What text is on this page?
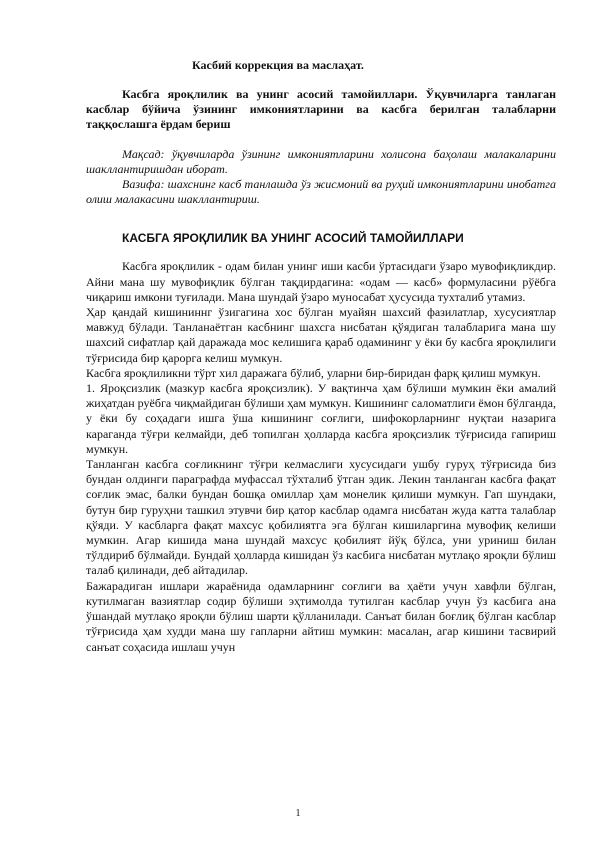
Касбий коррекция ва маслаҳат.

Касбга яроқлилик ва унинг асосий тамойиллари. Ўқувчиларга танлаган касблар бўйича ўзининг имкониятларини ва касбга берилган талабларни таққослашга ёрдам бериш

Мақсад: ўқувчиларда ўзининг имкониятларини холисона баҳолаш малакаларини шакллантиришдан иборат.

Вазифа: шахснинг касб танлашда ўз жисмоний ва руҳий имкониятларини инобатга олиш малакасини шакллантириш.

КАСБГА ЯРОҚЛИЛИК ВА УНИНГ АСОСИЙ ТАМОЙИЛЛАРИ

Касбга яроқлилик - одам билан унинг иши касби ўртасидаги ўзаро мувофиқликдир. Айни мана шу мувофиқлик бўлган тақдирдагина: «одам — касб» формуласини рўёбга чиқариш имкони туғилади. Мана шундай ўзаро муносабат ҳусусида тухталиб утамиз.

Ҳар қандай кишининнг ўзигагина хос бўлган муайян шахсий фазилатлар, хусусиятлар мавжуд бўлади. Танланаётган касбнинг шахсга нисбатан қўядиган талабларига мана шу шахсий сифатлар қай даражада мос келишига қараб одамининг у ёки бу касбга яроқлилиги тўғрисида бир қарорга келиш мумкун.

Касбга яроқлиликни тўрт хил даражага бўлиб, уларни бир-биридан фарқ қилиш мумкун.

1. Яроқсизлик (мазкур касбга яроқсизлик). У вақтинча ҳам бўлиши мумкин ёки амалий жиҳатдан руёбга чиқмайдиган бўлиши ҳам мумкун. Кишининг саломатлиги ёмон бўлганда, у ёки бу соҳадаги ишга ўша кишининг соғлиги, шифокорларнинг нуқтаи назарига караганда тўғри келмайди, деб топилган ҳолларда касбга яроқсизлик тўғрисида гапириш мумкун.

Танланган касбга соғликнинг тўғри келмаслиги хусусидаги ушбу гуруҳ тўғрисида биз бундан олдинги параграфда муфассал тўхталиб ўтган эдик. Лекин танланган касбга фақат соғлик эмас, балки бундан бошқа омиллар ҳам монелик қилиши мумкун. Гап шундаки, бутун бир гуруҳни ташкил этувчи бир қатор касблар одамга нисбатан жуда катта талаблар қўяди. У касбларга фақат махсус қобилиятга эга бўлган кишиларгина мувофиқ келиши мумкин. Агар кишида мана шундай махсус қобилият йўқ бўлса, уни уриниш билан тўлдириб бўлмайди. Бундай ҳолларда кишидан ўз касбига нисбатан мутлақо яроқли бўлиш талаб қилинади, деб айтадилар.

Бажарадиган ишлари жараёнида одамларнинг соғлиги ва ҳаёти учун хавфли бўлган, кутилмаган вазиятлар содир бўлиши эҳтимолда тутилган касблар учун ўз касбига ана ўшандай мутлақо яроқли бўлиш шарти қўлланилади. Санъат билан боғлиқ бўлган касблар тўғрисида ҳам худди мана шу гапларни айтиш мумкин: масалан, агар кишини тасвирий санъат соҳасида ишлаш учун

1
